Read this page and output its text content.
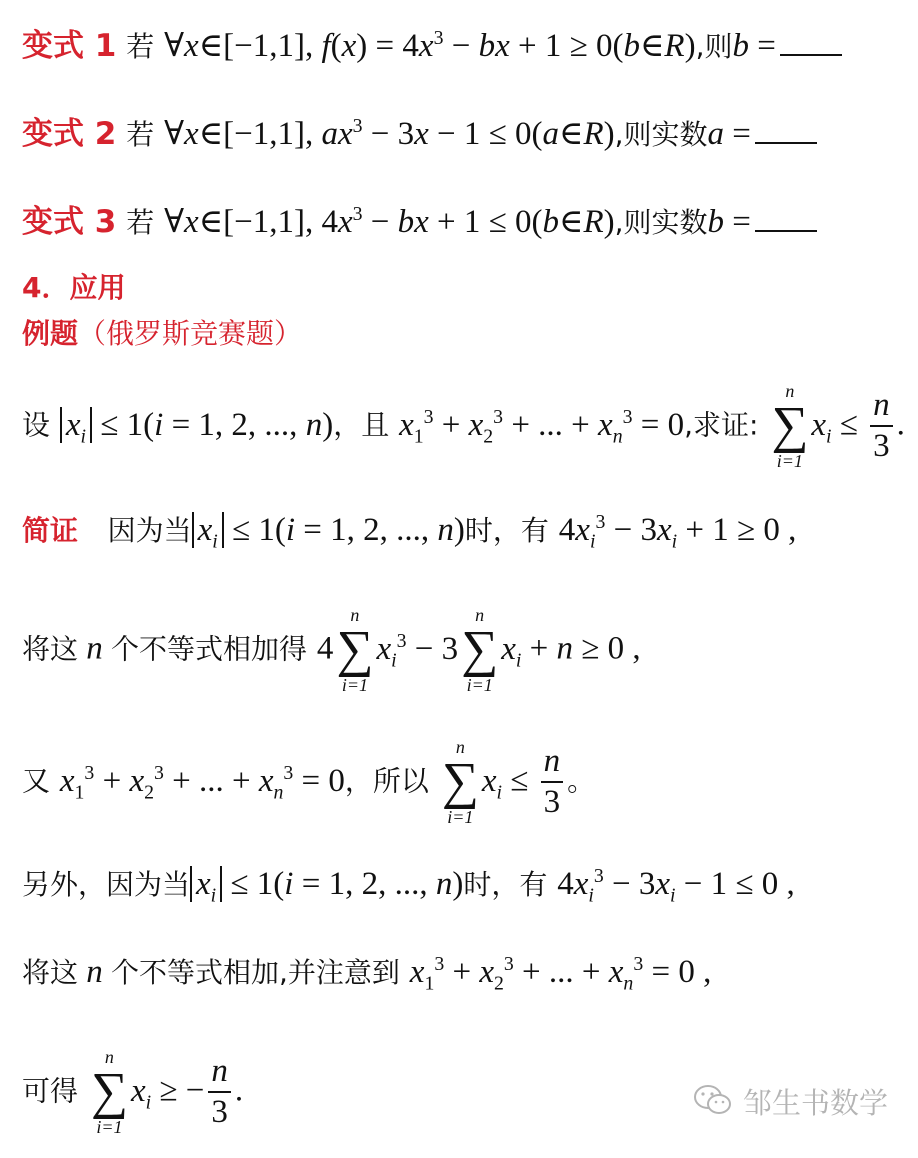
变式 1 若 ∀x∈[−1,1], $f(x) = 4x^3$ − bx + 1 ≥ 0(b∈R),则b =
变式 2 若 ∀x∈[−1,1], $ax^3 - 3x - 1$ ≤ 0(a∈R),则实数a =
变式 3 若 ∀x∈[−1,1], $4x^3$ − bx + 1 ≤ 0(b∈R),则实数b =
4．应用
例题（俄罗斯竞赛题）
设 $x_i \le 1(i = 1$, 2, ..., n)，且 $x_1^3 + x_2^3$ + ... + $x_n^3 = 0$,求证:
n
∑
i=1
$x_i \le \frac{n}{3}$ .
简证 因为当 $x_i \le 1(i = 1$, 2, ..., n)时，有 $4x_i^3 - 3x_i + 1 \ge 0$ ,
将这 n 个不等式相加得 4
n
∑
i=1
$x_i^3 - 3$
n
∑
i=1
$x_i + n \ge 0$ ,
又 $x_1^3 + x_2^3$ + ... + $x_n^3 = 0$，所以
n
∑
i=1
$x_i \le \frac{n}{3}$ 。
另外，因为当 $x_i \le 1(i = 1$, 2, ..., n)时，有 $4x_i^3 - 3x_i - 1 \le 0$ ,
将这 n 个不等式相加,并注意到 $x_1^3 + x_2^3$ + ... + $x_n^3 = 0$ ,
可得
n
∑
i=1
$x_i$ ≥ − $\frac{n}{3}$ .	邹生书数学
